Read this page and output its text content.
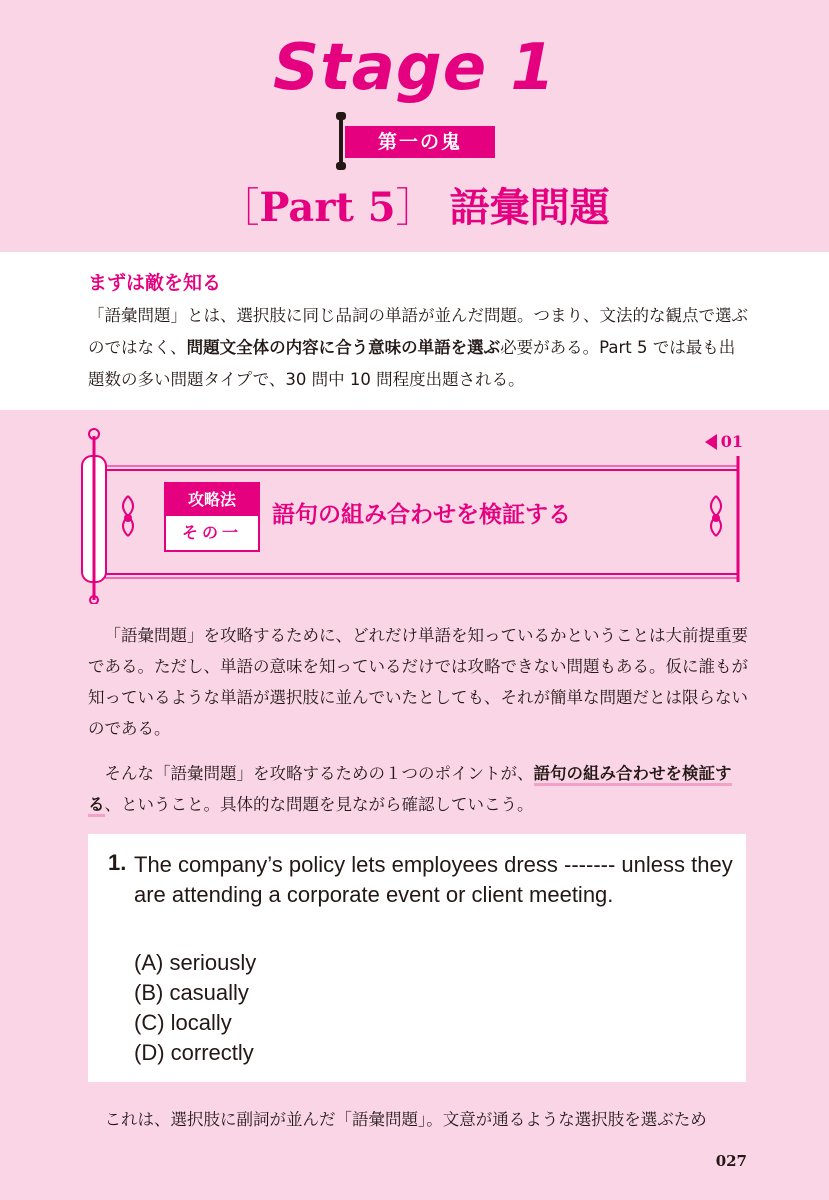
Stage 1
第一の鬼
［Part 5］ 語彙問題
まずは敵を知る

「語彙問題」とは、選択肢に同じ品詞の単語が並んだ問題。つまり、文法的な観点で選ぶのではなく、問題文全体の内容に合う意味の単語を選ぶ必要がある。Part 5 では最も出題数の多い問題タイプで、30 問中 10 問程度出題される。

攻略法
その一
語句の組み合わせを検証する
01

「語彙問題」を攻略するために、どれだけ単語を知っているかということは大前提重要である。ただし、単語の意味を知っているだけでは攻略できない問題もある。仮に誰もが知っているような単語が選択肢に並んでいたとしても、それが簡単な問題だとは限らないのである。

そんな「語彙問題」を攻略するための１つのポイントが、語句の組み合わせを検証する、ということ。具体的な問題を見ながら確認していこう。

1. The company’s policy lets employees dress ------- unless they are attending a corporate event or client meeting.

(A) seriously
(B) casually
(C) locally
(D) correctly

これは、選択肢に副詞が並んだ「語彙問題」。文意が通るような選択肢を選ぶため

027
